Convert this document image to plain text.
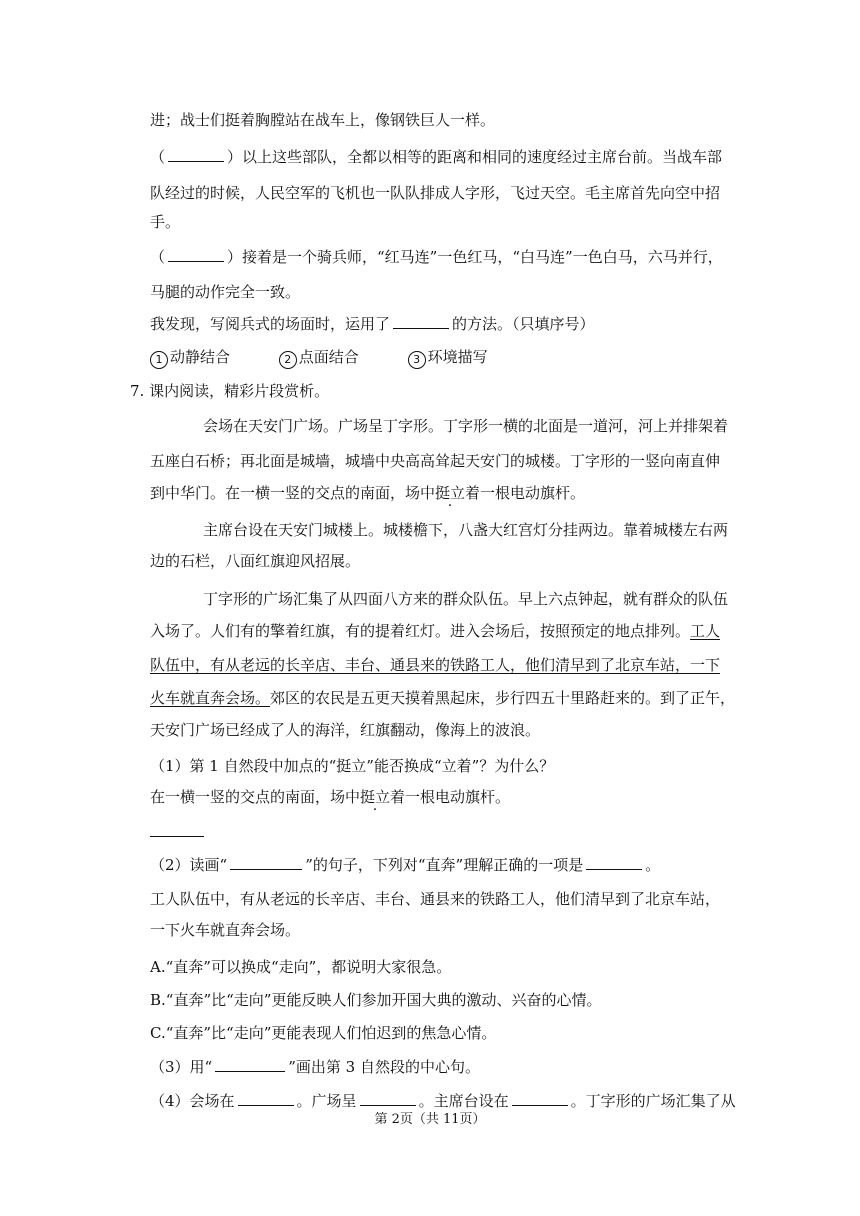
进；战士们挺着胸膛站在战车上，像钢铁巨人一样。
（	）以上这些部队，全都以相等的距离和相同的速度经过主席台前。当战车部
队经过的时候，人民空军的飞机也一队队排成人字形，飞过天空。毛主席首先向空中招
手。
（	）接着是一个骑兵师，“红马连”一色红马，“白马连”一色白马，六马并行，
马腿的动作完全一致。
我发现，写阅兵式的场面时，运用了	的方法。（只填序号）
1 动静结合	2 点面结合	3 环境描写
7. 课内阅读，精彩片段赏析。
会场在天安门广场。广场呈丁字形。丁字形一横的北面是一道河，河上并排架着
五座白石桥；再北面是城墙，城墙中央高高耸起天安门的城楼。丁字形的一竖向南直伸
到中华门。在一横一竖的交点的南面，场中挺立着一根电动旗杆。
主席台设在天安门城楼上。城楼檐下，八盏大红宫灯分挂两边。靠着城楼左右两
边的石栏，八面红旗迎风招展。
丁字形的广场汇集了从四面八方来的群众队伍。早上六点钟起，就有群众的队伍
入场了。人们有的擎着红旗，有的提着红灯。进入会场后，按照预定的地点排列。工人
队伍中，有从老远的长辛店、丰台、通县来的铁路工人，他们清早到了北京车站，一下
火车就直奔会场。郊区的农民是五更天摸着黑起床，步行四五十里路赶来的。到了正午，
天安门广场已经成了人的海洋，红旗翻动，像海上的波浪。
（1）第 1 自然段中加点的“挺立”能否换成“立着”？为什么？
在一横一竖的交点的南面，场中挺立着一根电动旗杆。
（2）读画“	”的句子，下列对“直奔”理解正确的一项是	。
工人队伍中，有从老远的长辛店、丰台、通县来的铁路工人，他们清早到了北京车站，
一下火车就直奔会场。
A.“直奔”可以换成“走向”，都说明大家很急。
B.“直奔”比“走向”更能反映人们参加开国大典的激动、兴奋的心情。
C.“直奔”比“走向”更能表现人们怕迟到的焦急心情。
（3）用“	”画出第 3 自然段的中心句。
（4）会场在	。广场呈	。主席台设在	。丁字形的广场汇集了从
第 2页（共 11页）
